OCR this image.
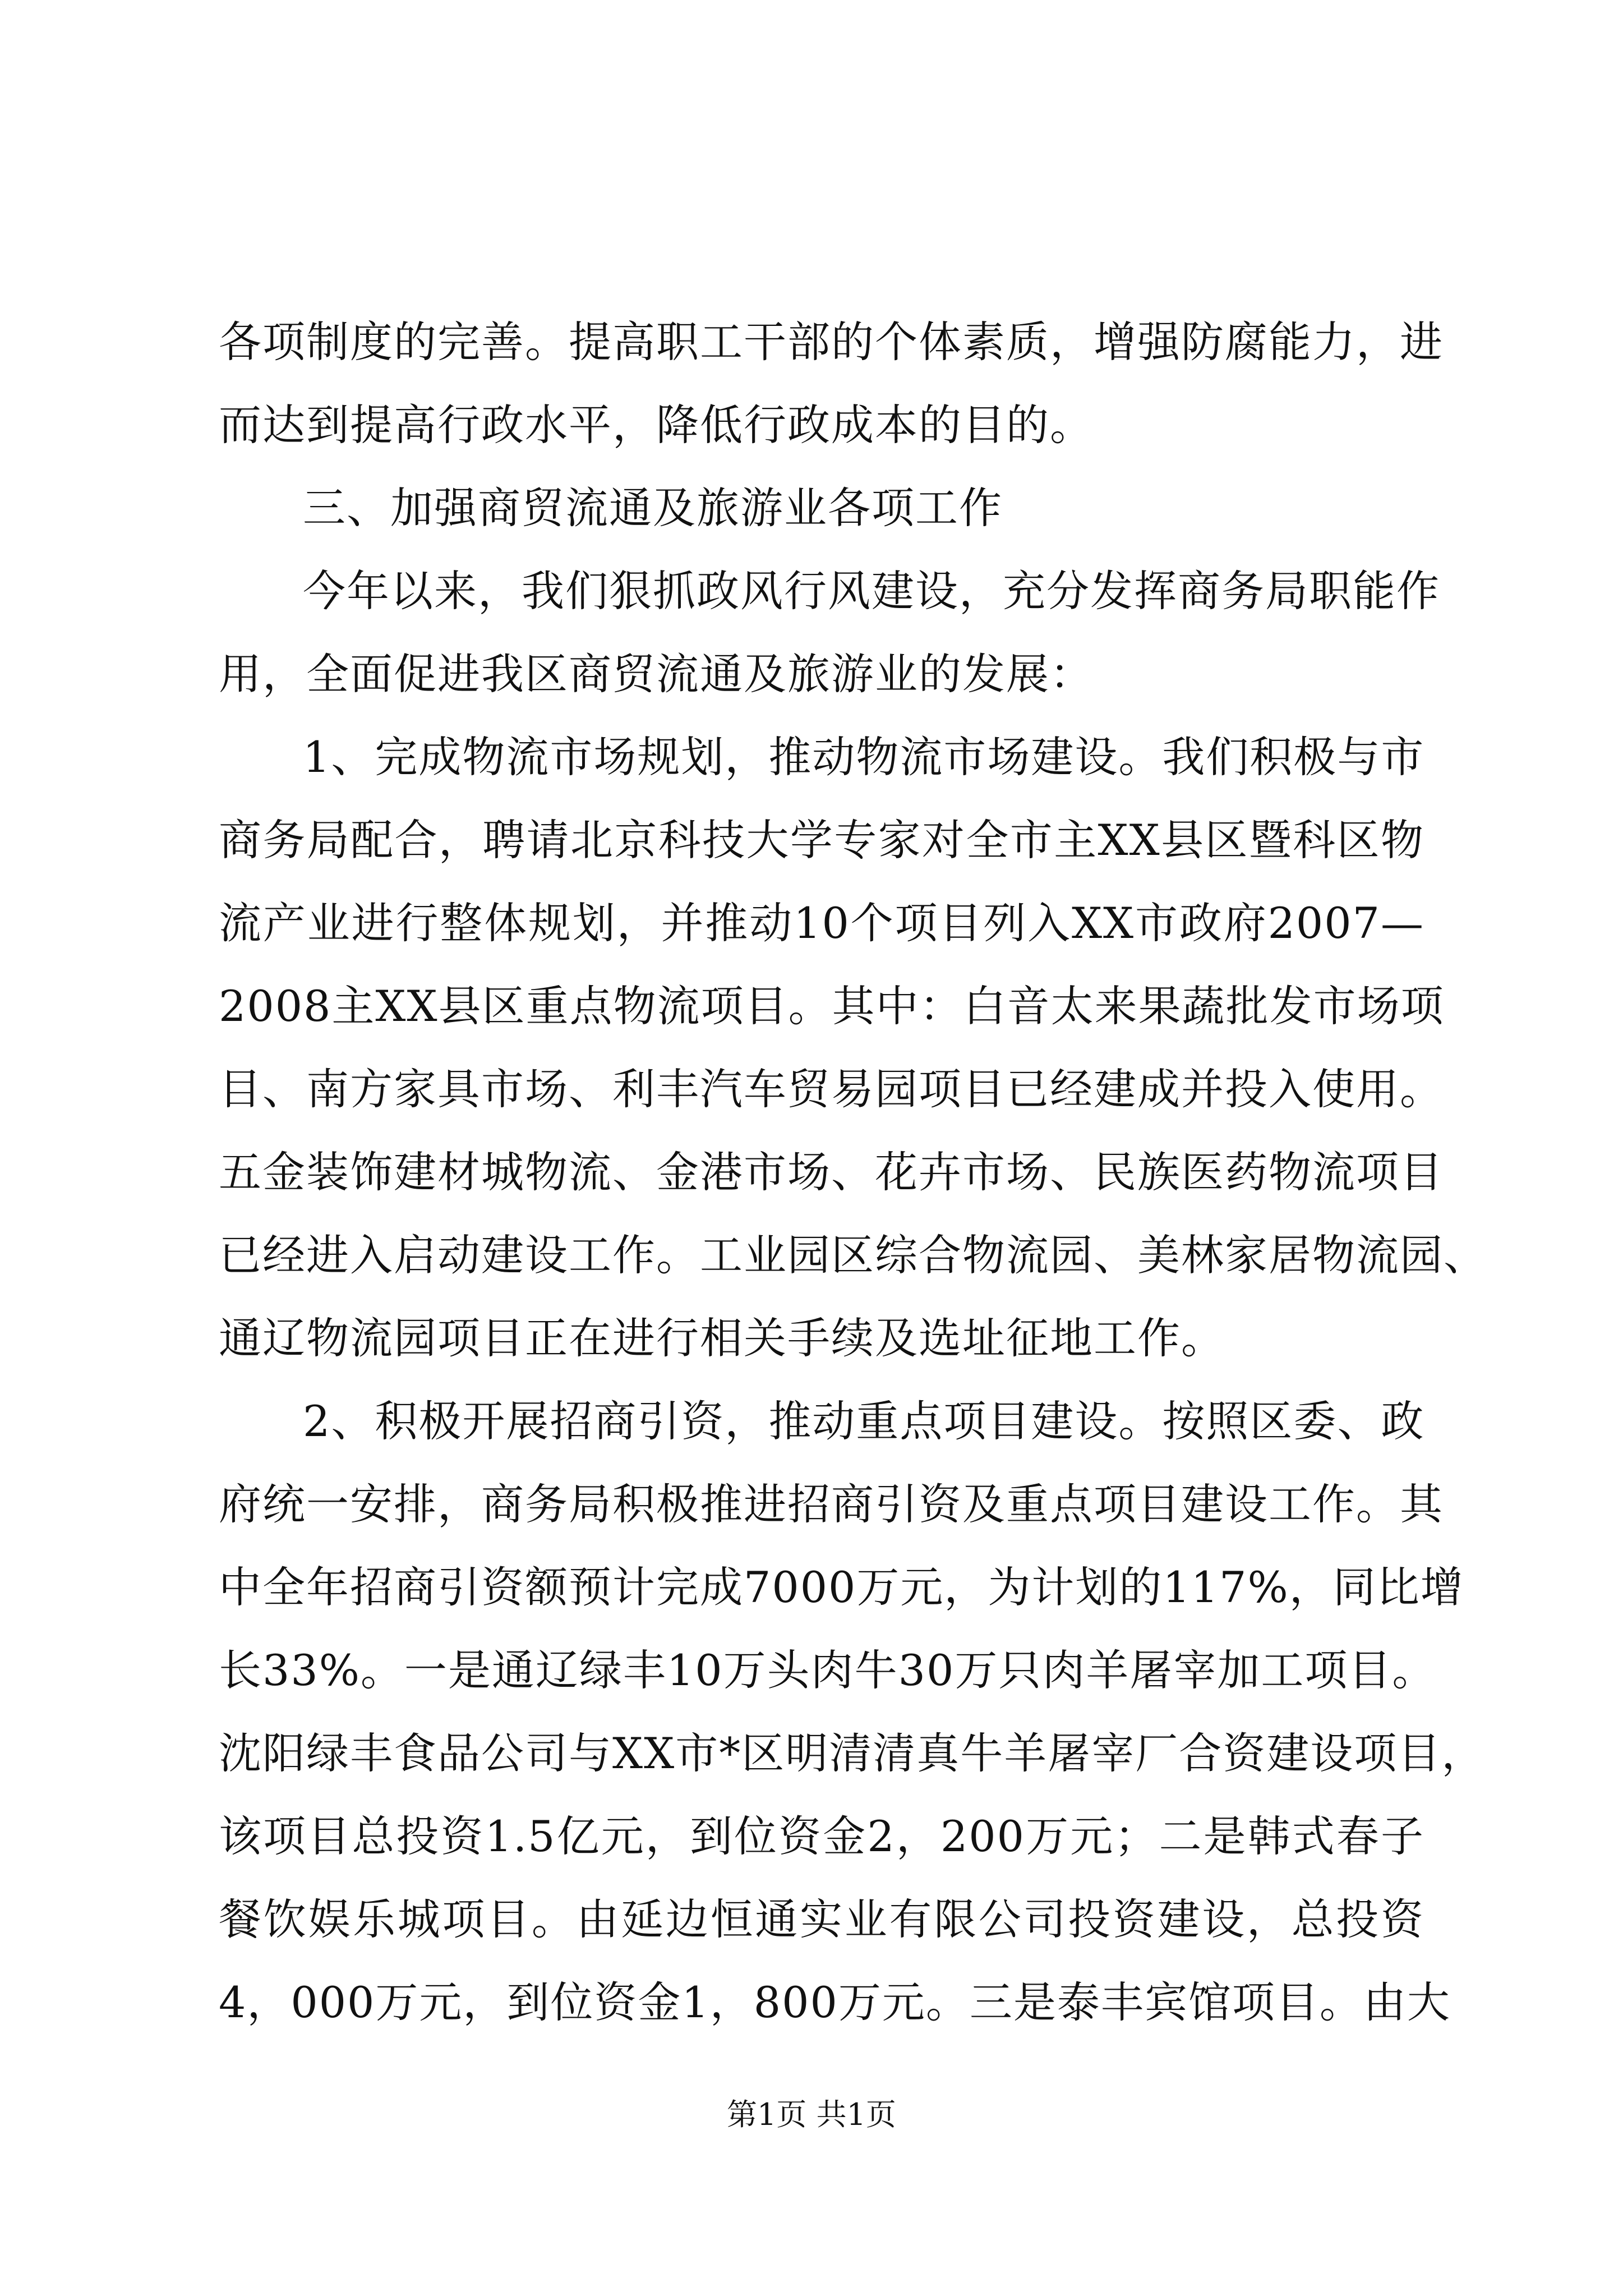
各项制度的完善。提高职工干部的个体素质，增强防腐能力，进
而达到提高行政水平，降低行政成本的目的。
三、加强商贸流通及旅游业各项工作
今年以来，我们狠抓政风行风建设，充分发挥商务局职能作
用，全面促进我区商贸流通及旅游业的发展：
1、完成物流市场规划，推动物流市场建设。我们积极与市
商务局配合，聘请北京科技大学专家对全市主XX县区暨科区物
流产业进行整体规划，并推动10个项目列入XX市政府2007—
2008主XX县区重点物流项目。其中：白音太来果蔬批发市场项
目、南方家具市场、利丰汽车贸易园项目已经建成并投入使用。
五金装饰建材城物流、金港市场、花卉市场、民族医药物流项目
已经进入启动建设工作。工业园区综合物流园、美林家居物流园、
通辽物流园项目正在进行相关手续及选址征地工作。
2、积极开展招商引资，推动重点项目建设。按照区委、政
府统一安排，商务局积极推进招商引资及重点项目建设工作。其
中全年招商引资额预计完成7000万元，为计划的117%，同比增
长33%。一是通辽绿丰10万头肉牛30万只肉羊屠宰加工项目。
沈阳绿丰食品公司与XX市*区明清清真牛羊屠宰厂合资建设项目，
该项目总投资1.5亿元，到位资金2，200万元；二是韩式春子
餐饮娱乐城项目。由延边恒通实业有限公司投资建设，总投资
4，000万元，到位资金1，800万元。三是泰丰宾馆项目。由大
第1页 共1页
